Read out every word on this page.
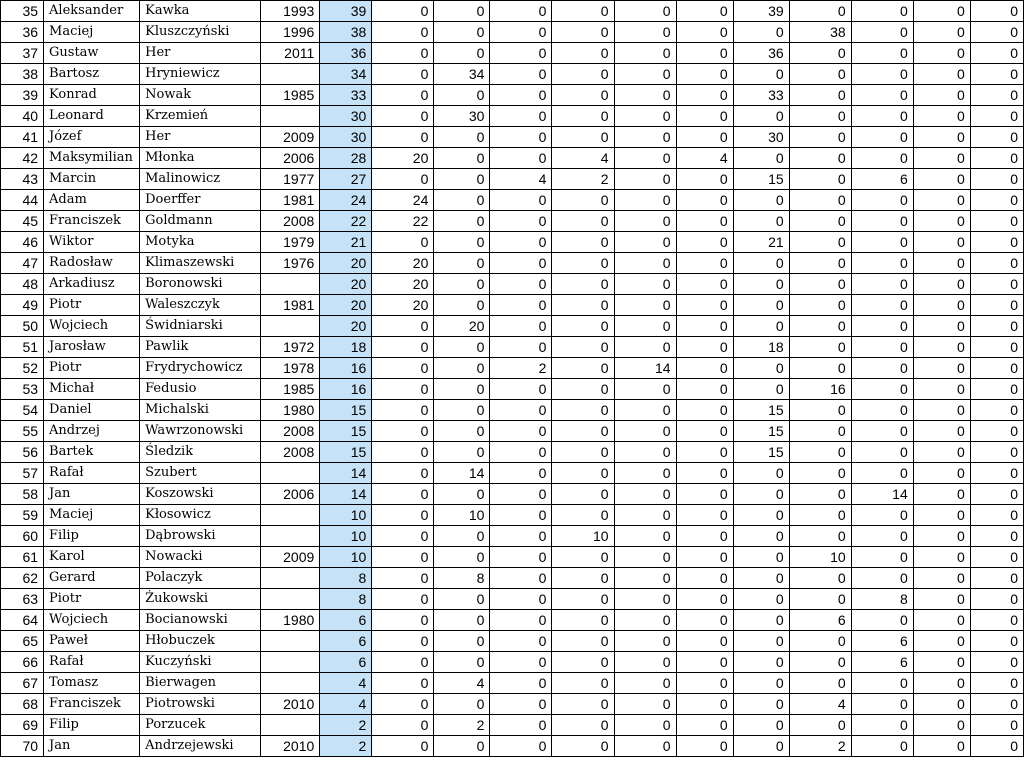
35	Aleksander	Kawka	1993	39	0	0	0	0	0	0	39	0	0	0	0
36	Maciej	Kluszczyński	1996	38	0	0	0	0	0	0	0	38	0	0	0
37	Gustaw	Her	2011	36	0	0	0	0	0	0	36	0	0	0	0
38	Bartosz	Hryniewicz		34	0	34	0	0	0	0	0	0	0	0	0
39	Konrad	Nowak	1985	33	0	0	0	0	0	0	33	0	0	0	0
40	Leonard	Krzemień		30	0	30	0	0	0	0	0	0	0	0	0
41	Józef	Her	2009	30	0	0	0	0	0	0	30	0	0	0	0
42	Maksymilian	Młonka	2006	28	20	0	0	4	0	4	0	0	0	0	0
43	Marcin	Malinowicz	1977	27	0	0	4	2	0	0	15	0	6	0	0
44	Adam	Doerffer	1981	24	24	0	0	0	0	0	0	0	0	0	0
45	Franciszek	Goldmann	2008	22	22	0	0	0	0	0	0	0	0	0	0
46	Wiktor	Motyka	1979	21	0	0	0	0	0	0	21	0	0	0	0
47	Radosław	Klimaszewski	1976	20	20	0	0	0	0	0	0	0	0	0	0
48	Arkadiusz	Boronowski		20	20	0	0	0	0	0	0	0	0	0	0
49	Piotr	Waleszczyk	1981	20	20	0	0	0	0	0	0	0	0	0	0
50	Wojciech	Świdniarski		20	0	20	0	0	0	0	0	0	0	0	0
51	Jarosław	Pawlik	1972	18	0	0	0	0	0	0	18	0	0	0	0
52	Piotr	Frydrychowicz	1978	16	0	0	2	0	14	0	0	0	0	0	0
53	Michał	Fedusio	1985	16	0	0	0	0	0	0	0	16	0	0	0
54	Daniel	Michalski	1980	15	0	0	0	0	0	0	15	0	0	0	0
55	Andrzej	Wawrzonowski	2008	15	0	0	0	0	0	0	15	0	0	0	0
56	Bartek	Śledzik	2008	15	0	0	0	0	0	0	15	0	0	0	0
57	Rafał	Szubert		14	0	14	0	0	0	0	0	0	0	0	0
58	Jan	Koszowski	2006	14	0	0	0	0	0	0	0	0	14	0	0
59	Maciej	Kłosowicz		10	0	10	0	0	0	0	0	0	0	0	0
60	Filip	Dąbrowski		10	0	0	0	10	0	0	0	0	0	0	0
61	Karol	Nowacki	2009	10	0	0	0	0	0	0	0	10	0	0	0
62	Gerard	Polaczyk		8	0	8	0	0	0	0	0	0	0	0	0
63	Piotr	Żukowski		8	0	0	0	0	0	0	0	0	8	0	0
64	Wojciech	Bocianowski	1980	6	0	0	0	0	0	0	0	6	0	0	0
65	Paweł	Hłobuczek		6	0	0	0	0	0	0	0	0	6	0	0
66	Rafał	Kuczyński		6	0	0	0	0	0	0	0	0	6	0	0
67	Tomasz	Bierwagen		4	0	4	0	0	0	0	0	0	0	0	0
68	Franciszek	Piotrowski	2010	4	0	0	0	0	0	0	0	4	0	0	0
69	Filip	Porzucek		2	0	2	0	0	0	0	0	0	0	0	0
70	Jan	Andrzejewski	2010	2	0	0	0	0	0	0	0	2	0	0	0
